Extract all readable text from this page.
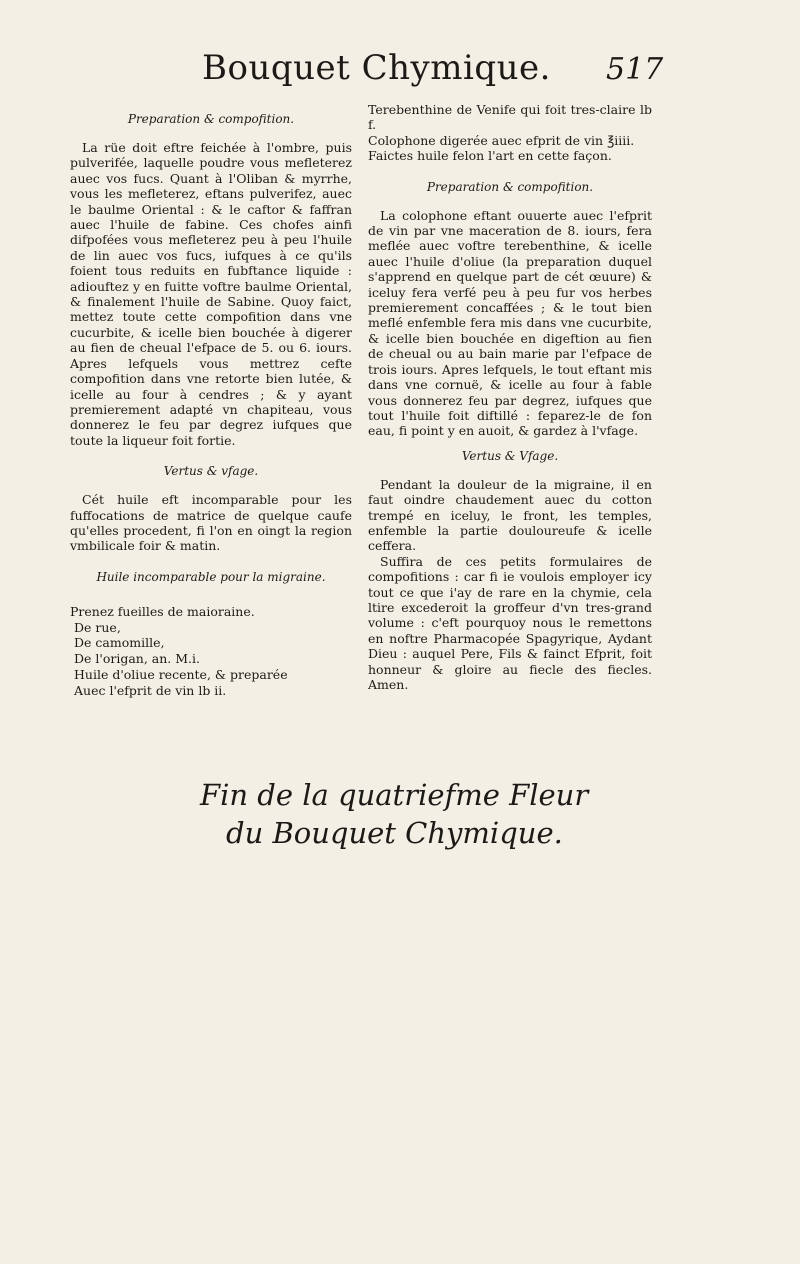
Bouquet Chymique. 517
Preparation & compofition.

La rüe doit eftre feichée à l'ombre, puis pulverifée, laquelle poudre vous mefleterez auec vos fucs. Quant à l'Oliban & myrrhe, vous les mefleterez, eftans pulverifez, auec le baulme Oriental : & le caftor & faffran auec l'huile de fabine. Ces chofes ainfi difpofées vous mefleterez peu à peu l'huile de lin auec vos fucs, iufques à ce qu'ils foient tous reduits en fubftance liquide : adiouftez y en fuitte voftre baulme Oriental, & finalement l'huile de Sabine. Quoy faict, mettez toute cette compofition dans vne cucurbite, & icelle bien bouchée à digerer au fien de cheual l'efpace de 5. ou 6. iours. Apres lefquels vous mettrez cefte compofition dans vne retorte bien lutée, & icelle au four à cendres ; & y ayant premierement adapté vn chapiteau, vous donnerez le feu par degrez iufques que toute la liqueur foit fortie.

Vertus & vfage.

Cét huile eft incomparable pour les fuffocations de matrice de quelque caufe qu'elles procedent, fi l'on en oingt la region vmbilicale foir & matin.

Huile incomparable pour la migraine.

Prenez fueilles de maioraine.

De rue,

De camomille,

De l'origan, an. M.i.

Huile d'oliue recente, & preparée

Auec l'efprit de vin lb ii.

Terebenthine de Venife qui foit tres-claire lb f.

Colophone digerée auec efprit de vin ℥iiii.

Faictes huile felon l'art en cette façon.

Preparation & compofition.

La colophone eftant ouuerte auec l'efprit de vin par vne maceration de 8. iours, fera meflée auec voftre terebenthine, & icelle auec l'huile d'oliue (la preparation duquel s'apprend en quelque part de cét œuure) & iceluy fera verfé peu à peu fur vos herbes premierement concaffées ; & le tout bien meflé enfemble fera mis dans vne cucurbite, & icelle bien bouchée en digeftion au fien de cheual ou au bain marie par l'efpace de trois iours. Apres lefquels, le tout eftant mis dans vne cornuë, & icelle au four à fable vous donnerez feu par degrez, iufques que tout l'huile foit diftillé : feparez-le de fon eau, fi point y en auoit, & gardez à l'vfage.

Vertus & Vfage.

Pendant la douleur de la migraine, il en faut oindre chaudement auec du cotton trempé en iceluy, le front, les temples, enfemble la partie douloureufe & icelle ceffera.

Suffira de ces petits formulaires de compofitions : car fi ie voulois employer icy tout ce que i'ay de rare en la chymie, cela ltire excederoit la groffeur d'vn tres-grand volume : c'eft pourquoy nous le remettons en noftre Pharmacopée Spagyrique, Aydant Dieu : auquel Pere, Fils & fainct Efprit, foit honneur & gloire au fiecle des fiecles. Amen.

Fin de la quatriefme Fleur
du Bouquet Chymique.
